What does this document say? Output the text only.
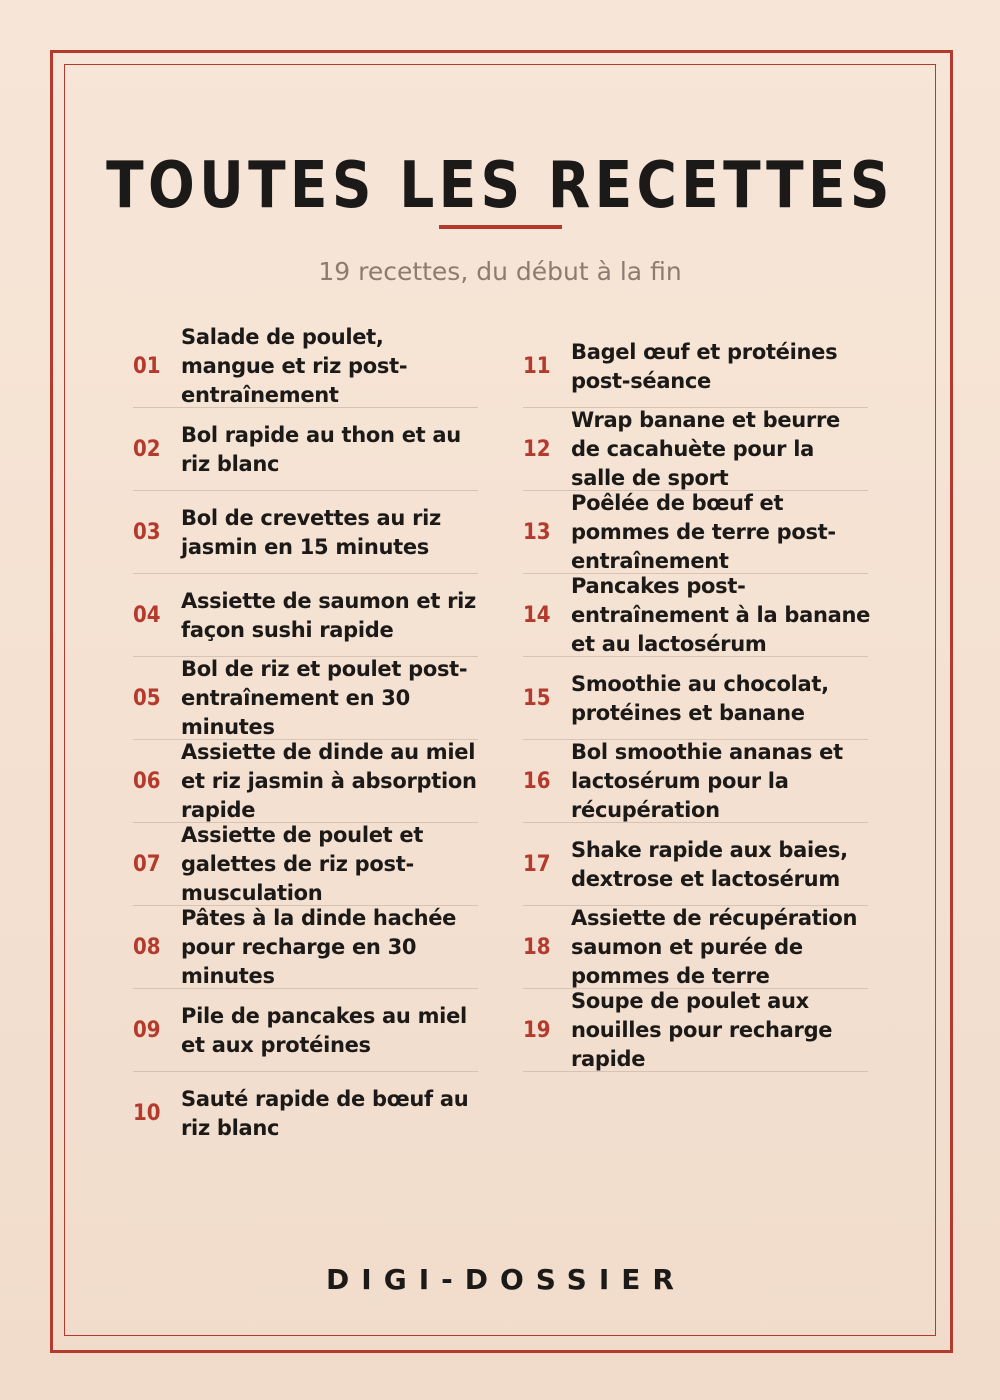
TOUTES LES RECETTES
19 recettes, du début à la fin
01
Salade de poulet, mangue et riz post-entraînement
02
Bol rapide au thon et au riz blanc
03
Bol de crevettes au riz jasmin en 15 minutes
04
Assiette de saumon et riz façon sushi rapide
05
Bol de riz et poulet post-entraînement en 30 minutes
06
Assiette de dinde au miel et riz jasmin à absorption rapide
07
Assiette de poulet et galettes de riz post-musculation
08
Pâtes à la dinde hachée pour recharge en 30 minutes
09
Pile de pancakes au miel et aux protéines
10
Sauté rapide de bœuf au riz blanc
11
Bagel œuf et protéines post-séance
12
Wrap banane et beurre de cacahuète pour la salle de sport
13
Poêlée de bœuf et pommes de terre post-entraînement
14
Pancakes post-entraînement à la banane et au lactosérum
15
Smoothie au chocolat, protéines et banane
16
Bol smoothie ananas et lactosérum pour la récupération
17
Shake rapide aux baies, dextrose et lactosérum
18
Assiette de récupération saumon et purée de pommes de terre
19
Soupe de poulet aux nouilles pour recharge rapide
DIGI-DOSSIER
